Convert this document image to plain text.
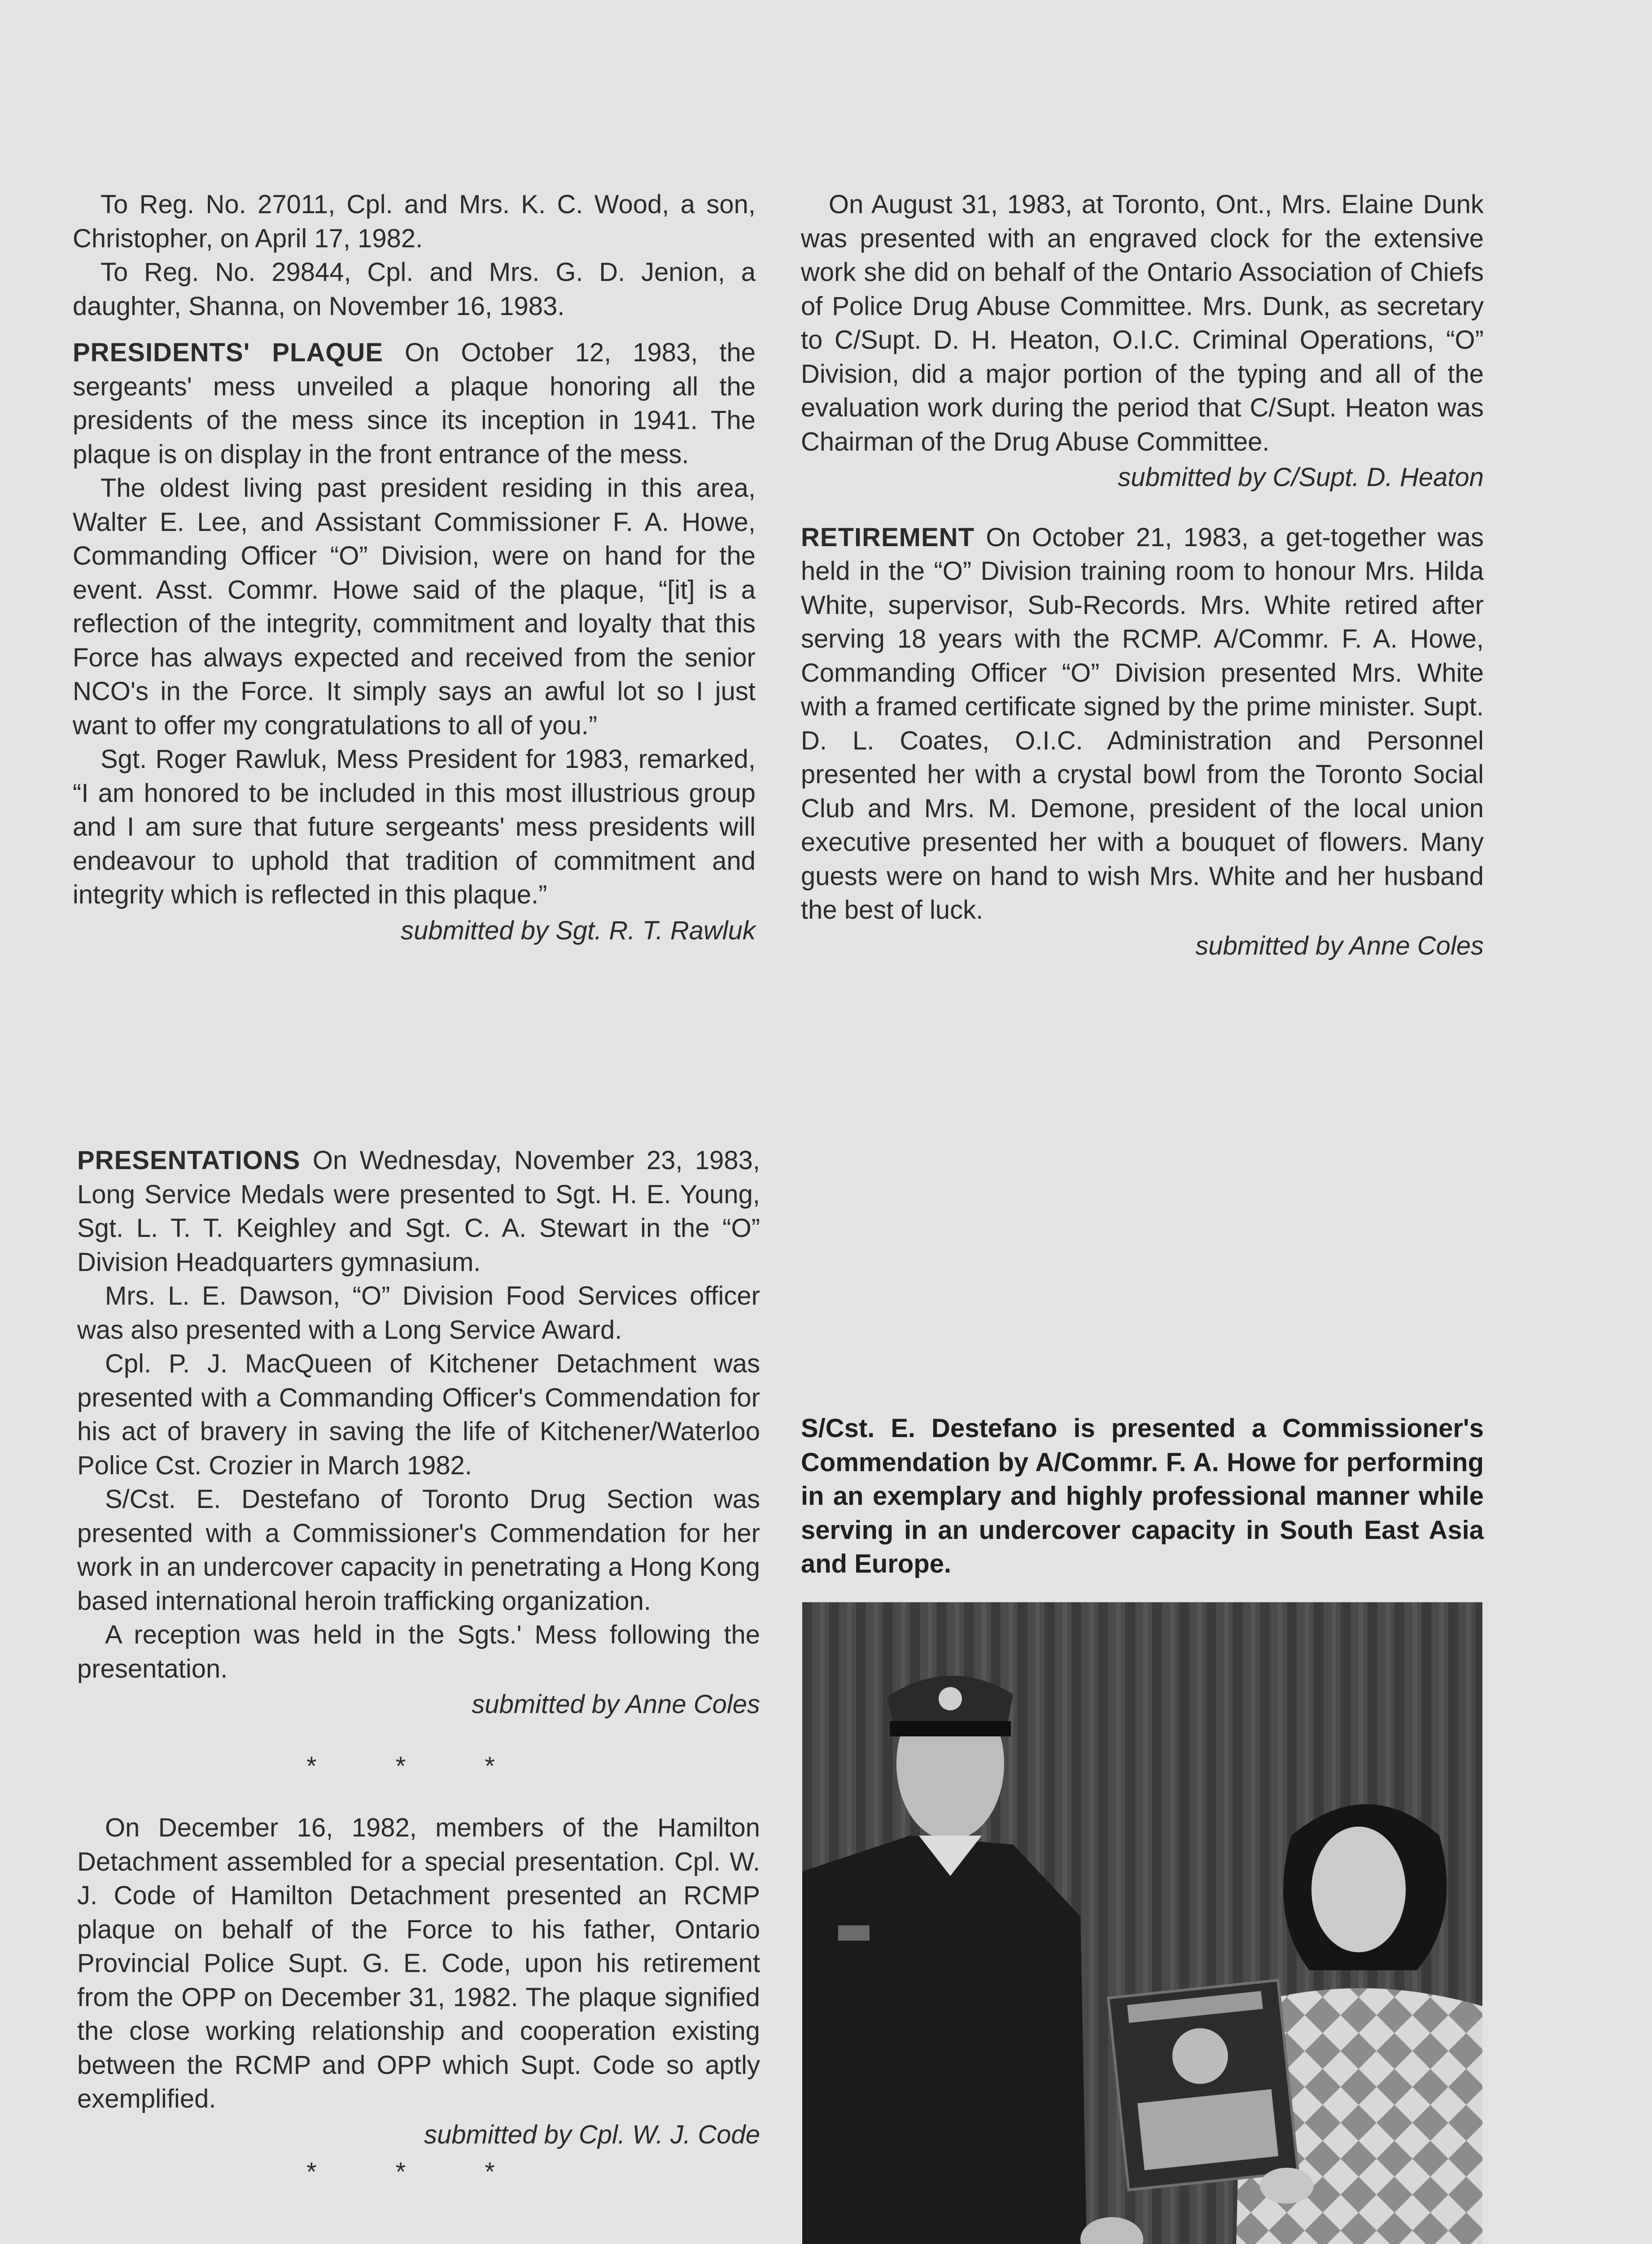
To Reg. No. 27011, Cpl. and Mrs. K. C. Wood, a son, Christopher, on April 17, 1982.

To Reg. No. 29844, Cpl. and Mrs. G. D. Jenion, a daughter, Shanna, on November 16, 1983.

PRESIDENTS' PLAQUE On October 12, 1983, the sergeants' mess unveiled a plaque honoring all the presidents of the mess since its inception in 1941. The plaque is on display in the front entrance of the mess.

The oldest living past president residing in this area, Walter E. Lee, and Assistant Commissioner F. A. Howe, Commanding Officer “O” Division, were on hand for the event. Asst. Commr. Howe said of the plaque, “[it] is a reflection of the integrity, commitment and loyalty that this Force has always expected and received from the senior NCO's in the Force. It simply says an awful lot so I just want to offer my congratulations to all of you.”

Sgt. Roger Rawluk, Mess President for 1983, remarked, “I am honored to be included in this most illustrious group and I am sure that future sergeants' mess presidents will endeavour to uphold that tradition of commitment and integrity which is reflected in this plaque.”

submitted by Sgt. R. T. Rawluk

PRESENTATIONS On Wednesday, November 23, 1983, Long Service Medals were presented to Sgt. H. E. Young, Sgt. L. T. T. Keighley and Sgt. C. A. Stewart in the “O” Division Headquarters gymnasium.

Mrs. L. E. Dawson, “O” Division Food Services officer was also presented with a Long Service Award.

Cpl. P. J. MacQueen of Kitchener Detachment was presented with a Commanding Officer's Commendation for his act of bravery in saving the life of Kitchener/Waterloo Police Cst. Crozier in March 1982.

S/Cst. E. Destefano of Toronto Drug Section was presented with a Commissioner's Commendation for her work in an undercover capacity in penetrating a Hong Kong based international heroin trafficking organization.

A reception was held in the Sgts.' Mess following the presentation.

submitted by Anne Coles

* * *

On December 16, 1982, members of the Hamilton Detachment assembled for a special presentation. Cpl. W. J. Code of Hamilton Detachment presented an RCMP plaque on behalf of the Force to his father, Ontario Provincial Police Supt. G. E. Code, upon his retirement from the OPP on December 31, 1982. The plaque signified the close working relationship and cooperation existing between the RCMP and OPP which Supt. Code so aptly exemplified.

submitted by Cpl. W. J. Code

* * *

On August 31, 1983, at Toronto, Ont., Mrs. Elaine Dunk was presented with an engraved clock for the extensive work she did on behalf of the Ontario Association of Chiefs of Police Drug Abuse Committee. Mrs. Dunk, as secretary to C/Supt. D. H. Heaton, O.I.C. Criminal Operations, “O” Division, did a major portion of the typing and all of the evaluation work during the period that C/Supt. Heaton was Chairman of the Drug Abuse Committee.

submitted by C/Supt. D. Heaton

RETIREMENT On October 21, 1983, a get-together was held in the “O” Division training room to honour Mrs. Hilda White, supervisor, Sub-Records. Mrs. White retired after serving 18 years with the RCMP. A/Commr. F. A. Howe, Commanding Officer “O” Division presented Mrs. White with a framed certificate signed by the prime minister. Supt. D. L. Coates, O.I.C. Administration and Personnel presented her with a crystal bowl from the Toronto Social Club and Mrs. M. Demone, president of the local union executive presented her with a bouquet of flowers. Many guests were on hand to wish Mrs. White and her husband the best of luck.

submitted by Anne Coles

S/Cst. E. Destefano is presented a Commissioner's Commendation by A/Commr. F. A. Howe for performing in an exemplary and highly professional manner while serving in an undercover capacity in South East Asia and Europe.
